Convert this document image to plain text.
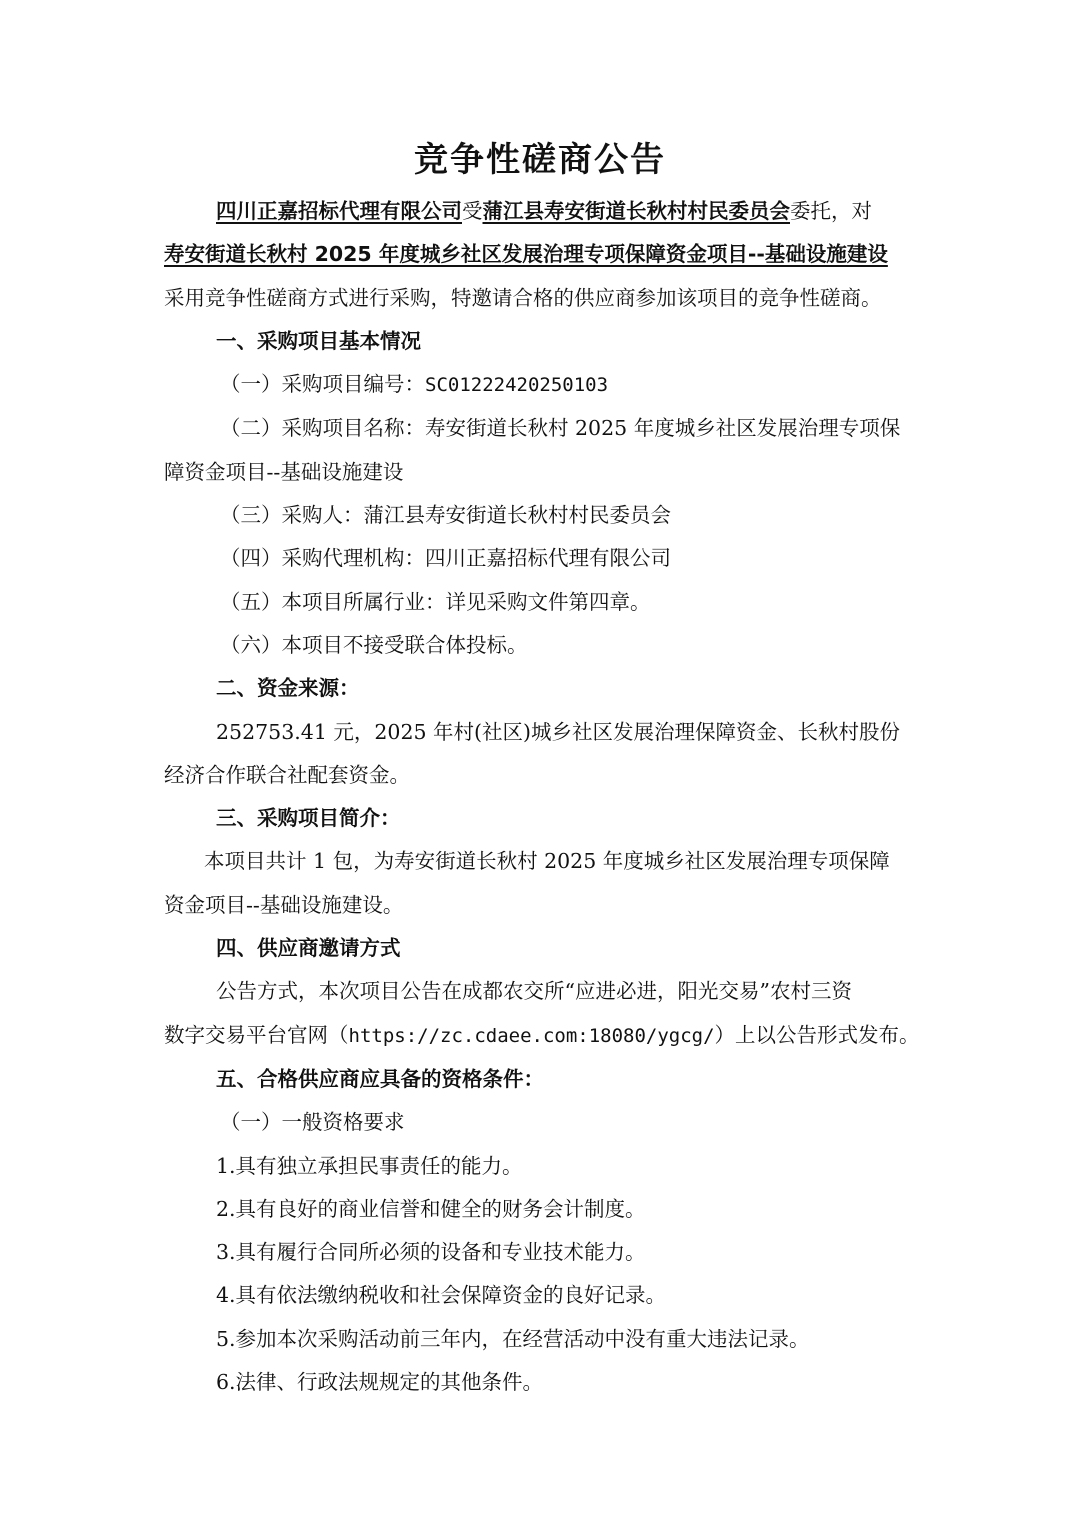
竞争性磋商公告

四川正嘉招标代理有限公司受蒲江县寿安街道长秋村村民委员会委托，对

寿安街道长秋村 2025 年度城乡社区发展治理专项保障资金项目--基础设施建设

采用竞争性磋商方式进行采购，特邀请合格的供应商参加该项目的竞争性磋商。

一、采购项目基本情况

（一）采购项目编号：SC01222420250103

（二）采购项目名称：寿安街道长秋村 2025 年度城乡社区发展治理专项保

障资金项目--基础设施建设

（三）采购人：蒲江县寿安街道长秋村村民委员会

（四）采购代理机构：四川正嘉招标代理有限公司

（五）本项目所属行业：详见采购文件第四章。

（六）本项目不接受联合体投标。

二、资金来源：

252753.41 元，2025 年村(社区)城乡社区发展治理保障资金、长秋村股份

经济合作联合社配套资金。

三、采购项目简介：

本项目共计 1 包，为寿安街道长秋村 2025 年度城乡社区发展治理专项保障

资金项目--基础设施建设。

四、供应商邀请方式

公告方式，本次项目公告在成都农交所“应进必进，阳光交易”农村三资

数字交易平台官网（https://zc.cdaee.com:18080/ygcg/）上以公告形式发布。

五、合格供应商应具备的资格条件：

（一）一般资格要求

1.具有独立承担民事责任的能力。

2.具有良好的商业信誉和健全的财务会计制度。

3.具有履行合同所必须的设备和专业技术能力。

4.具有依法缴纳税收和社会保障资金的良好记录。

5.参加本次采购活动前三年内，在经营活动中没有重大违法记录。

6.法律、行政法规规定的其他条件。
